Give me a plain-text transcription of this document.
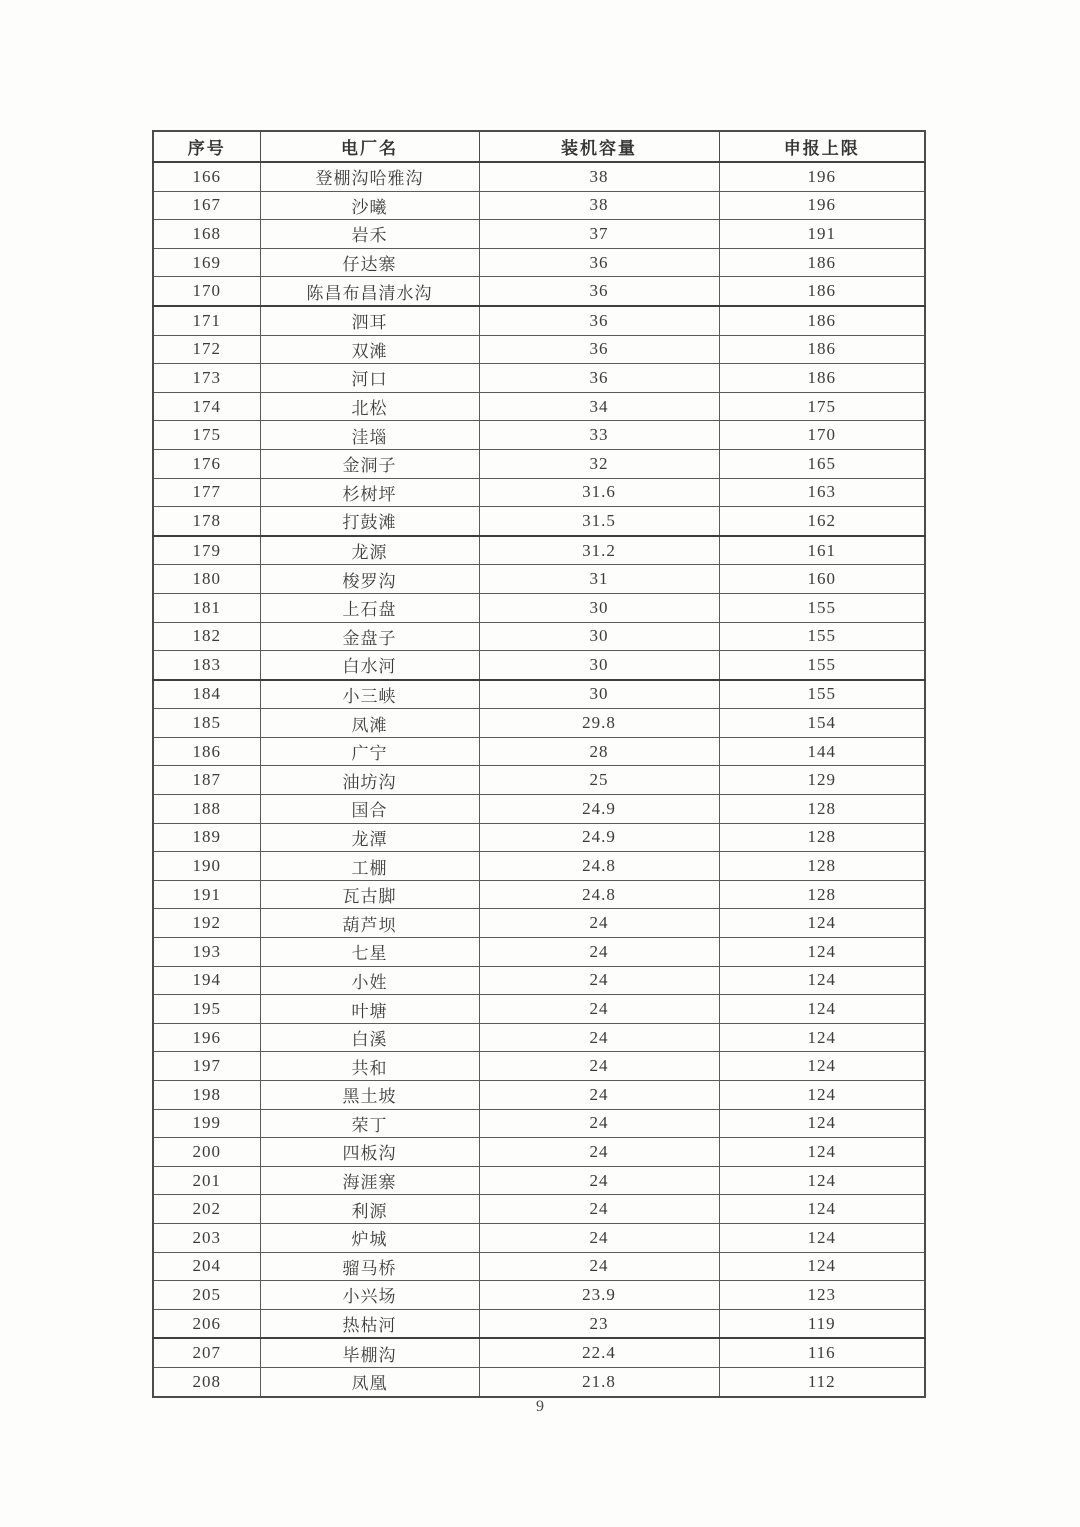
序号	电厂名	装机容量	申报上限
166	登棚沟哈雅沟	38	196
167	沙曦	38	196
168	岩禾	37	191
169	仔达寨	36	186
170	陈昌布昌清水沟	36	186
171	泗耳	36	186
172	双滩	36	186
173	河口	36	186
174	北松	34	175
175	洼堖	33	170
176	金洞子	32	165
177	杉树坪	31.6	163
178	打鼓滩	31.5	162
179	龙源	31.2	161
180	梭罗沟	31	160
181	上石盘	30	155
182	金盘子	30	155
183	白水河	30	155
184	小三峡	30	155
185	凤滩	29.8	154
186	广宁	28	144
187	油坊沟	25	129
188	国合	24.9	128
189	龙潭	24.9	128
190	工棚	24.8	128
191	瓦古脚	24.8	128
192	葫芦坝	24	124
193	七星	24	124
194	小姓	24	124
195	叶塘	24	124
196	白溪	24	124
197	共和	24	124
198	黑土坡	24	124
199	荣丁	24	124
200	四板沟	24	124
201	海涯寨	24	124
202	利源	24	124
203	炉城	24	124
204	骝马桥	24	124
205	小兴场	23.9	123
206	热枯河	23	119
207	毕棚沟	22.4	116
208	凤凰	21.8	112
9
